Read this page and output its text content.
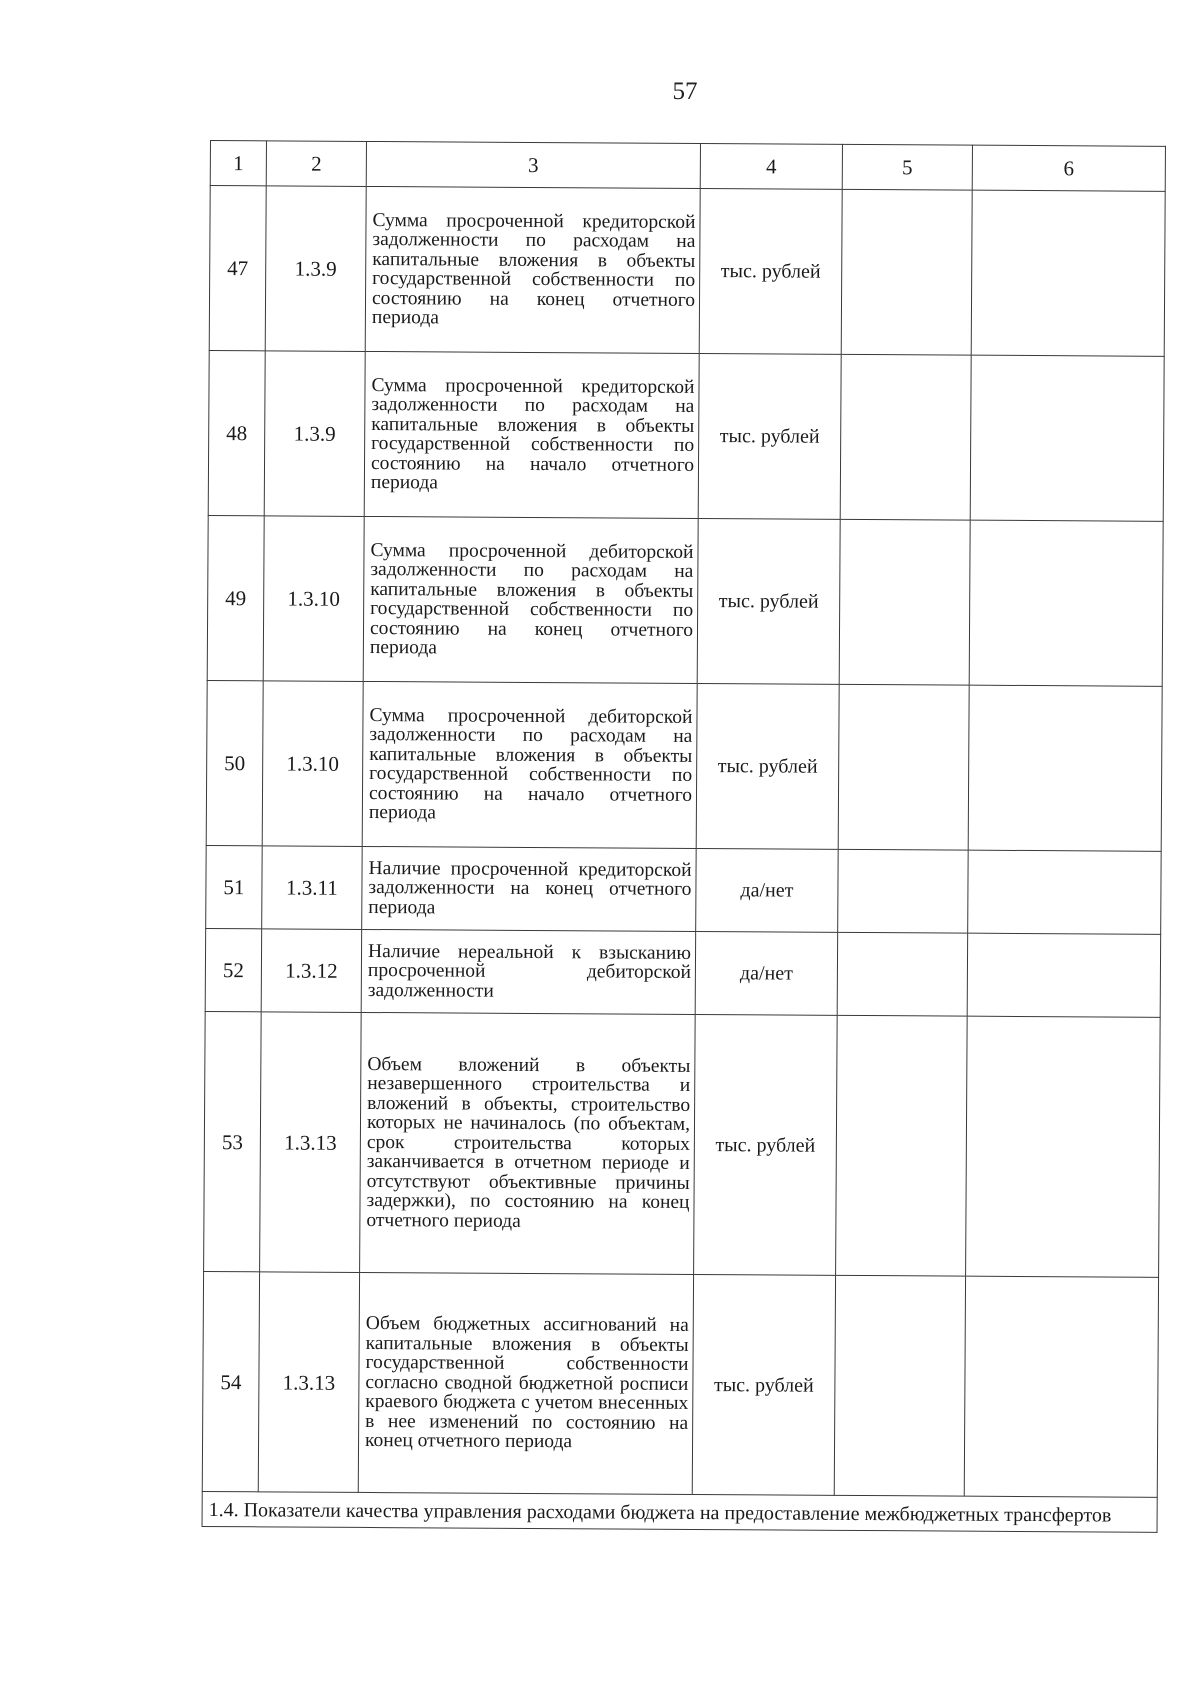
57
1	2	3	4	5	6
47	1.3.9	Сумма просроченной кредиторской задолженности по расходам на капитальные вложения в объекты государственной собственности по состоянию на конец отчетного периода	тыс. рублей		
48	1.3.9	Сумма просроченной кредиторской задолженности по расходам на капитальные вложения в объекты государственной собственности по состоянию на начало отчетного периода	тыс. рублей		
49	1.3.10	Сумма просроченной дебиторской задолженности по расходам на капитальные вложения в объекты государственной собственности по состоянию на конец отчетного периода	тыс. рублей		
50	1.3.10	Сумма просроченной дебиторской задолженности по расходам на капитальные вложения в объекты государственной собственности по состоянию на начало отчетного периода	тыс. рублей		
51	1.3.11	Наличие просроченной кредиторской задолженности на конец отчетного периода	да/нет		
52	1.3.12	Наличие нереальной к взысканию просроченной дебиторской задолженности	да/нет		
53	1.3.13	Объем вложений в объекты незавершенного строительства и вложений в объекты, строительство которых не начиналось (по объектам, срок строительства которых заканчивается в отчетном периоде и отсутствуют объективные причины задержки), по состоянию на конец отчетного периода	тыс. рублей		
54	1.3.13	Объем бюджетных ассигнований на капитальные вложения в объекты государственной собственности согласно сводной бюджетной росписи краевого бюджета с учетом внесенных в нее изменений по состоянию на конец отчетного периода	тыс. рублей		
1.4. Показатели качества управления расходами бюджета на предоставление межбюджетных трансфертов					
